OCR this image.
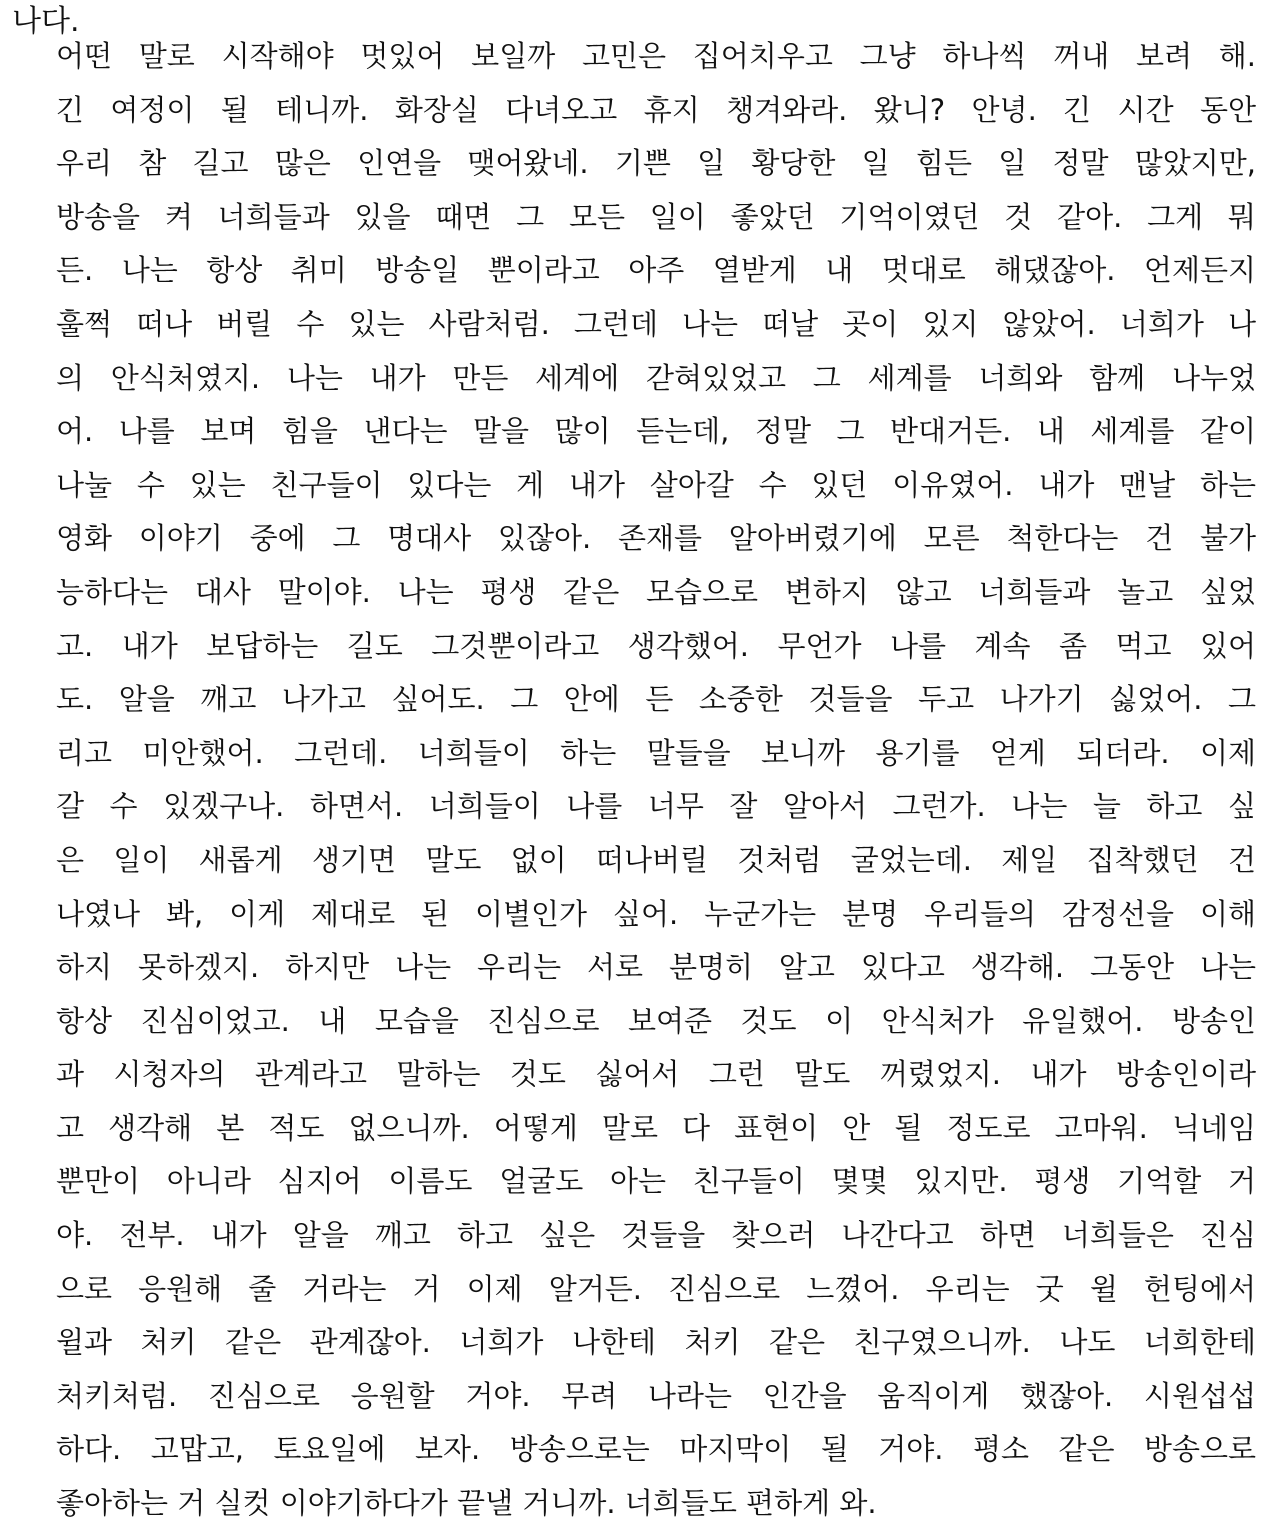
나다.
어떤 말로 시작해야 멋있어 보일까 고민은 집어치우고 그냥 하나씩 꺼내 보려 해.
긴 여정이 될 테니까. 화장실 다녀오고 휴지 챙겨와라. 왔니? 안녕. 긴 시간 동안
우리 참 길고 많은 인연을 맺어왔네. 기쁜 일 황당한 일 힘든 일 정말 많았지만,
방송을 켜 너희들과 있을 때면 그 모든 일이 좋았던 기억이였던 것 같아. 그게 뭐
든. 나는 항상 취미 방송일 뿐이라고 아주 열받게 내 멋대로 해댔잖아. 언제든지
훌쩍 떠나 버릴 수 있는 사람처럼. 그런데 나는 떠날 곳이 있지 않았어. 너희가 나
의 안식처였지. 나는 내가 만든 세계에 갇혀있었고 그 세계를 너희와 함께 나누었
어. 나를 보며 힘을 낸다는 말을 많이 듣는데, 정말 그 반대거든. 내 세계를 같이
나눌 수 있는 친구들이 있다는 게 내가 살아갈 수 있던 이유였어. 내가 맨날 하는
영화 이야기 중에 그 명대사 있잖아. 존재를 알아버렸기에 모른 척한다는 건 불가
능하다는 대사 말이야. 나는 평생 같은 모습으로 변하지 않고 너희들과 놀고 싶었
고. 내가 보답하는 길도 그것뿐이라고 생각했어. 무언가 나를 계속 좀 먹고 있어
도. 알을 깨고 나가고 싶어도. 그 안에 든 소중한 것들을 두고 나가기 싫었어. 그
리고 미안했어. 그런데. 너희들이 하는 말들을 보니까 용기를 얻게 되더라. 이제
갈 수 있겠구나. 하면서. 너희들이 나를 너무 잘 알아서 그런가. 나는 늘 하고 싶
은 일이 새롭게 생기면 말도 없이 떠나버릴 것처럼 굴었는데. 제일 집착했던 건
나였나 봐, 이게 제대로 된 이별인가 싶어. 누군가는 분명 우리들의 감정선을 이해
하지 못하겠지. 하지만 나는 우리는 서로 분명히 알고 있다고 생각해. 그동안 나는
항상 진심이었고. 내 모습을 진심으로 보여준 것도 이 안식처가 유일했어. 방송인
과 시청자의 관계라고 말하는 것도 싫어서 그런 말도 꺼렸었지. 내가 방송인이라
고 생각해 본 적도 없으니까. 어떻게 말로 다 표현이 안 될 정도로 고마워. 닉네임
뿐만이 아니라 심지어 이름도 얼굴도 아는 친구들이 몇몇 있지만. 평생 기억할 거
야. 전부. 내가 알을 깨고 하고 싶은 것들을 찾으러 나간다고 하면 너희들은 진심
으로 응원해 줄 거라는 거 이제 알거든. 진심으로 느꼈어. 우리는 굿 윌 헌팅에서
윌과 처키 같은 관계잖아. 너희가 나한테 처키 같은 친구였으니까. 나도 너희한테
처키처럼. 진심으로 응원할 거야. 무려 나라는 인간을 움직이게 했잖아. 시원섭섭
하다. 고맙고, 토요일에 보자. 방송으로는 마지막이 될 거야. 평소 같은 방송으로
좋아하는 거 실컷 이야기하다가 끝낼 거니까. 너희들도 편하게 와.
